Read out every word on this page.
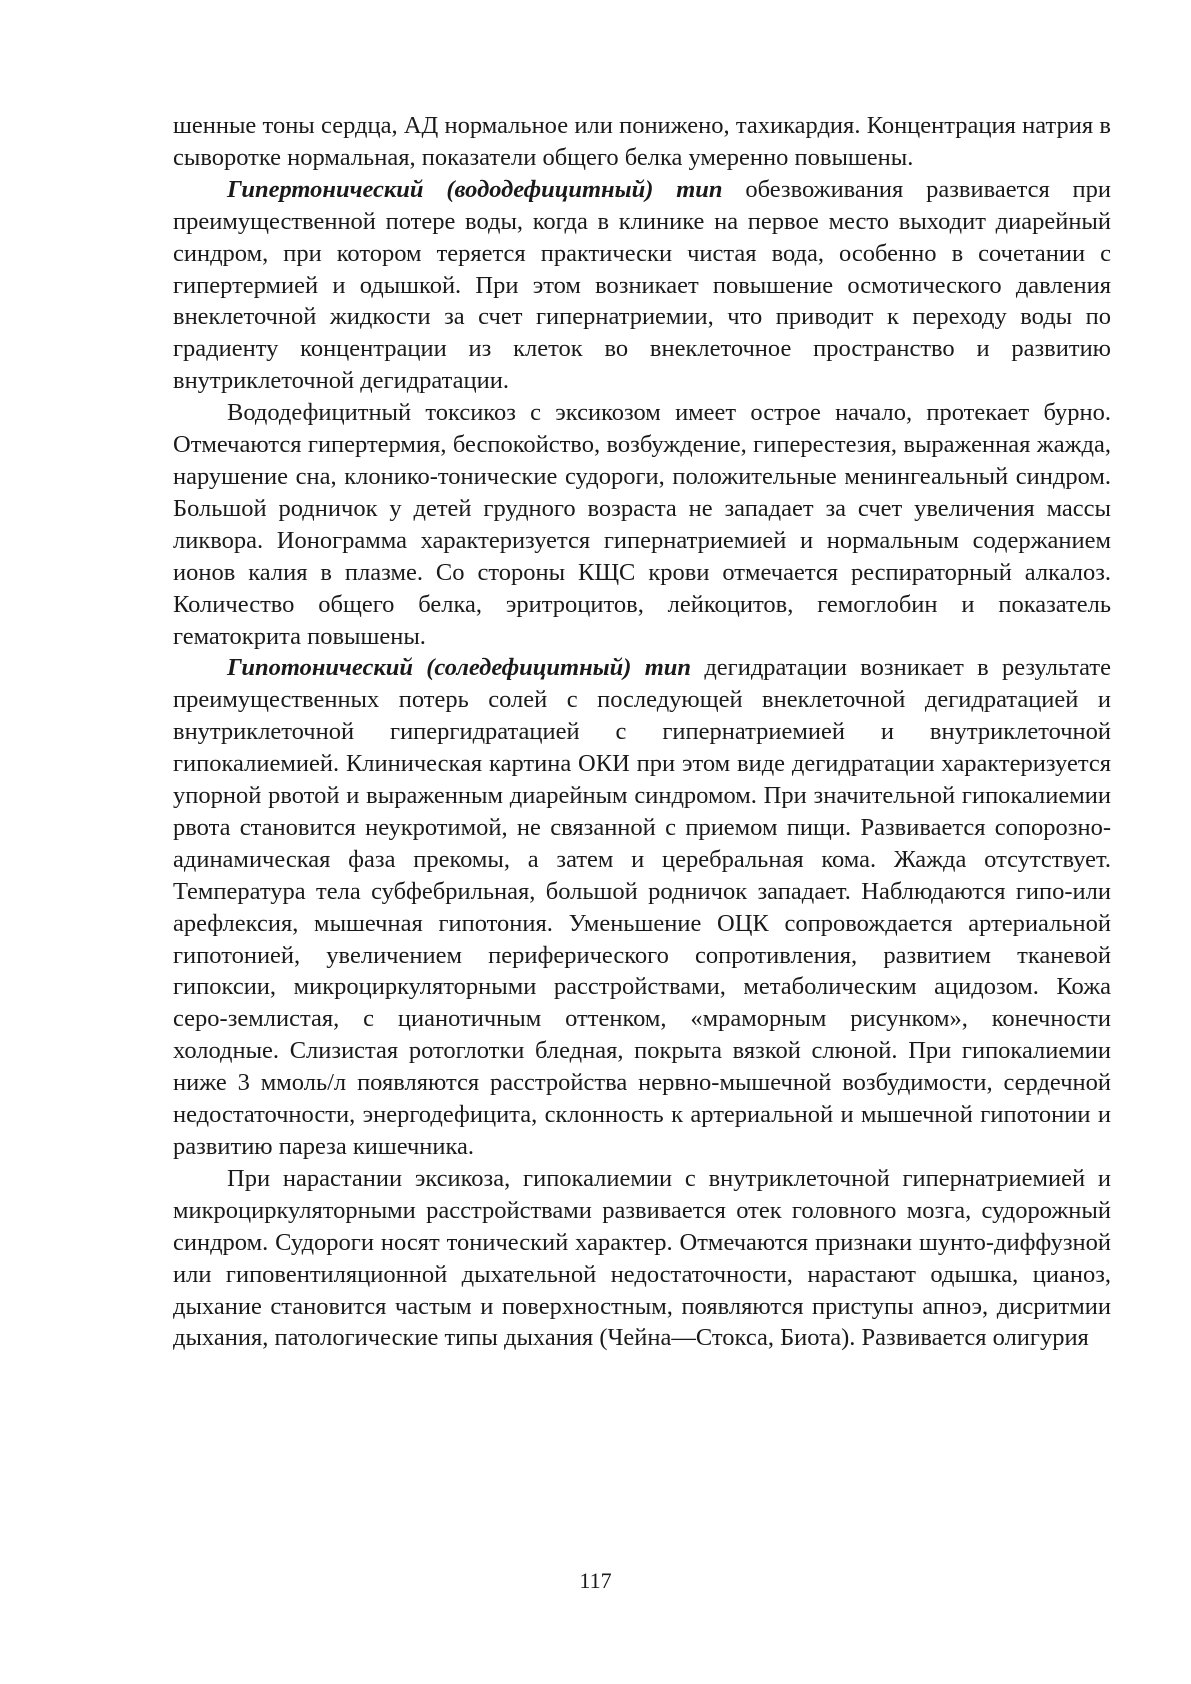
шенные тоны сердца, АД нормальное или понижено, тахикардия. Концентрация натрия в сыворотке нормальная, показатели общего белка умеренно повышены.

Гипертонический (вододефицитный) тип обезвоживания развивается при преимущественной потере воды, когда в клинике на первое место выходит диарейный синдром, при котором теряется практически чистая вода, особенно в сочетании с гипертермией и одышкой. При этом возникает повышение осмотического давления внеклеточной жидкости за счет гипернатриемии, что приводит к переходу воды по градиенту концентрации из клеток во внеклеточное пространство и развитию внутриклеточной дегидратации.

Вододефицитный токсикоз с эксикозом имеет острое начало, протекает бурно. Отмечаются гипертермия, беспокойство, возбуждение, гиперестезия, выраженная жажда, нарушение сна, клонико-тонические судороги, положительные менингеальный синдром. Большой родничок у детей грудного возраста не западает за счет увеличения массы ликвора. Ионограмма характеризуется гипернатриемией и нормальным содержанием ионов калия в плазме. Со стороны КЩС крови отмечается респираторный алкалоз. Количество общего белка, эритроцитов, лейкоцитов, гемоглобин и показатель гематокрита повышены.

Гипотонический (соледефицитный) тип дегидратации возникает в результате преимущественных потерь солей с последующей внеклеточной дегидратацией и внутриклеточной гипергидратацией с гипернатриемией и внутриклеточной гипокалиемией. Клиническая картина ОКИ при этом виде дегидратации характеризуется упорной рвотой и выраженным диарейным синдромом. При значительной гипокалиемии рвота становится неукротимой, не связанной с приемом пищи. Развивается сопорозно-адинамическая фаза прекомы, а затем и церебральная кома. Жажда отсутствует. Температура тела субфебрильная, большой родничок западает. Наблюдаются гипо-или арефлексия, мышечная гипотония. Уменьшение ОЦК сопровождается артериальной гипотонией, увеличением периферического сопротивления, развитием тканевой гипоксии, микроциркуляторными расстройствами, метаболическим ацидозом. Кожа серо-землистая, с цианотичным оттенком, «мраморным рисунком», конечности холодные. Слизистая ротоглотки бледная, покрыта вязкой слюной. При гипокалиемии ниже 3 ммоль/л появляются расстройства нервно-мышечной возбудимости, сердечной недостаточности, энергодефицита, склонность к артериальной и мышечной гипотонии и развитию пареза кишечника.

При нарастании эксикоза, гипокалиемии с внутриклеточной гипернатриемией и микроциркуляторными расстройствами развивается отек головного мозга, судорожный синдром. Судороги носят тонический характер. Отмечаются признаки шунто-диффузной или гиповентиляционной дыхательной недостаточности, нарастают одышка, цианоз, дыхание становится частым и поверхностным, появляются приступы апноэ, дисритмии дыхания, патологические типы дыхания (Чейна—Стокса, Биота). Развивается олигурия

117
